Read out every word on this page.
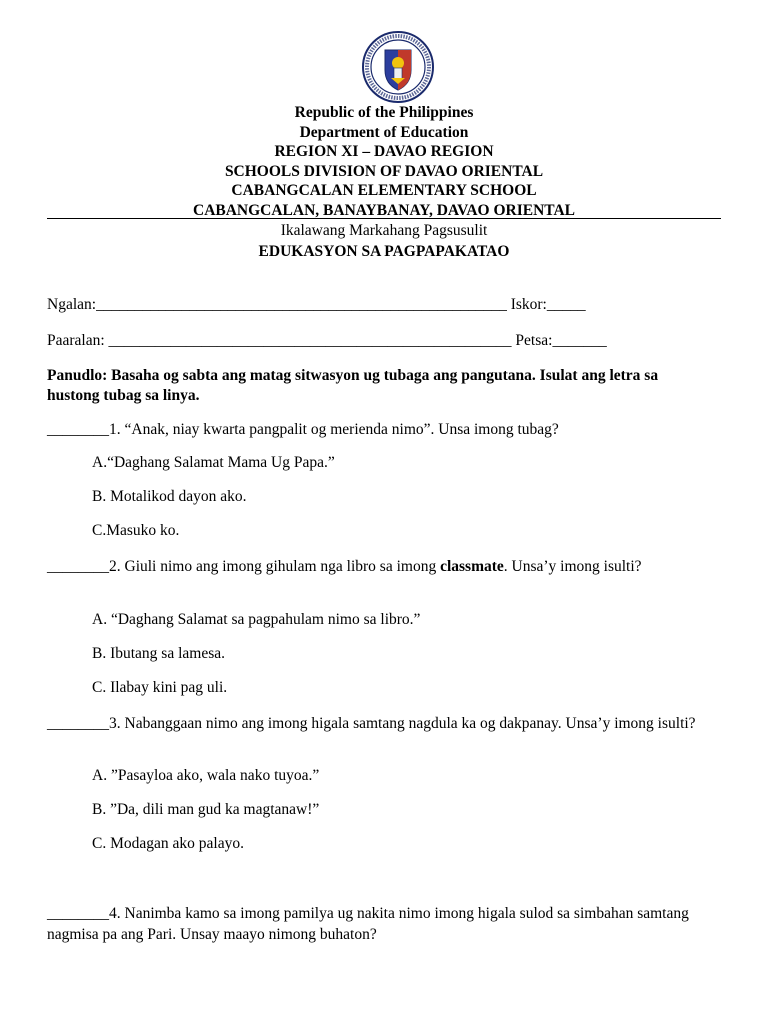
Republic of the Philippines
Department of Education
REGION XI – DAVAO REGION
SCHOOLS DIVISION OF DAVAO ORIENTAL
CABANGCALAN ELEMENTARY SCHOOL
CABANGCALAN, BANAYBANAY, DAVAO ORIENTAL
Ikalawang Markahang Pagsusulit
EDUKASYON SA PAGPAPAKATAO
Ngalan:_____________________________________________________ Iskor:_____
Paaralan: ____________________________________________________ Petsa:_______
Panudlo: Basaha og sabta ang matag sitwasyon ug tubaga ang pangutana. Isulat ang letra sa hustong tubag sa linya.
________1. “Anak, niay kwarta pangpalit og merienda nimo”. Unsa imong tubag?
A.“Daghang Salamat Mama Ug Papa.”
B. Motalikod dayon ako.
C.Masuko ko.
________2. Giuli nimo ang imong gihulam nga libro sa imong classmate. Unsa’y imong isulti?
A. “Daghang Salamat sa pagpahulam nimo sa libro.”
B. Ibutang sa lamesa.
C. Ilabay kini pag uli.
________3. Nabanggaan nimo ang imong higala samtang nagdula ka og dakpanay. Unsa’y imong isulti?
A. ”Pasayloa ako, wala nako tuyoa.”
B. ”Da, dili man gud ka magtanaw!”
C. Modagan ako palayo.
________4. Nanimba kamo sa imong pamilya ug nakita nimo imong higala sulod sa simbahan samtang nagmisa pa ang Pari. Unsay maayo nimong buhaton?
